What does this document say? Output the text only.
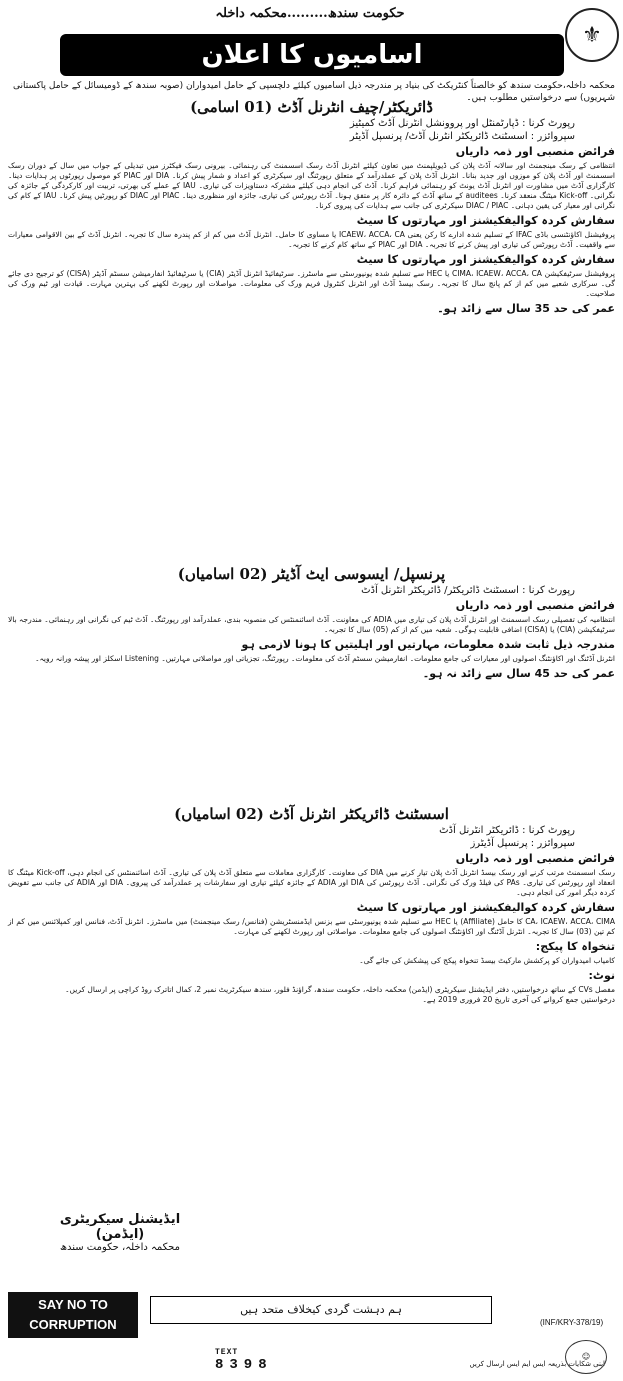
⚜
حکومت سندھ.........محکمہ داخلہ
اسامیوں کا اعلان
محکمہ داخلہ،حکومت سندھ کو خالصتاً کنٹریکٹ کی بنیاد پر مندرجہ ذیل اسامیوں کیلئے دلچسپی کے حامل امیدواران (صوبہ سندھ کے ڈومیسائل کے حامل پاکستانی شہریوں) سے درخواستیں مطلوب ہیں۔
ڈائریکٹر/چیف انٹرنل آڈٹ (01 اسامی)
رپورٹ کرنا : ڈپارٹمنٹل اور پروونشل انٹرنل آڈٹ کمیٹیز
سپروائزر : اسسٹنٹ ڈائریکٹر انٹرنل آڈٹ/ پرنسپل آڈیٹر
فرائض منصبی اور ذمہ داریاں
انتظامی کے رسک مینجمنٹ اور سالانہ آڈٹ پلان کی ڈیویلپمنٹ میں تعاون کیلئے انٹرنل آڈٹ رسک اسسمنٹ کی رہنمائی۔ بیرونی رسک فیکٹرز میں تبدیلی کے جواب میں سال کے دوران رسک اسسمنٹ اور آڈٹ پلان کو موزوں اور جدید بنانا۔ انٹرنل آڈٹ پلان کے عملدرآمد کے متعلق رپورٹنگ اور سیکرٹری کو اعداد و شمار پیش کرنا۔ DIA اور PIAC کو موصول رپورٹوں پر ہدایات دینا۔ کارگزاری آڈٹ میں مشاورت اور انٹرنل آڈٹ یونٹ کو رہنمائی فراہم کرنا۔ آڈٹ کی انجام دہی کیلئے مشترکہ دستاویزات کی تیاری۔ IAU کے عملے کی بھرتی، تربیت اور کارکردگی کے جائزہ کی نگرانی۔ Kick-off میٹنگ منعقد کرنا۔ auditees کے ساتھ آڈٹ کے دائرہ کار پر متفق ہونا۔ آڈٹ رپورٹس کی تیاری، جائزہ اور منظوری دینا۔ PIAC اور DIAC کو رپورٹیں پیش کرنا۔ IAU کے کام کی نگرانی اور معیار کی یقین دہانی۔ DIAC / PIAC سیکرٹری کی جانب سے ہدایات کی پیروی کرنا۔
سفارش کردہ کوالیفکیشنز اور مہارتوں کا سیٹ
پروفیشنل اکاؤنٹنسی باڈی IFAC کے تسلیم شدہ ادارے کا رکن یعنی ICAEW، ACCA، CA یا مساوی کا حامل۔ انٹرنل آڈٹ میں کم از کم پندرہ سال کا تجربہ۔ انٹرنل آڈٹ کے بین الاقوامی معیارات سے واقفیت۔ آڈٹ رپورٹس کی تیاری اور پیش کرنے کا تجربہ۔ DIA اور PIAC کے ساتھ کام کرنے کا تجربہ۔
سفارش کردہ کوالیفکیشنز اور مہارتوں کا سیٹ
پروفیشنل سرٹیفکیشن CIMA، ICAEW، ACCA، CA یا HEC سے تسلیم شدہ یونیورسٹی سے ماسٹرز۔ سرٹیفائیڈ انٹرنل آڈیٹر (CIA) یا سرٹیفائیڈ انفارمیشن سسٹم آڈیٹر (CISA) کو ترجیح دی جائے گی۔ سرکاری شعبے میں کم از کم پانچ سال کا تجربہ۔ رسک بیسڈ آڈٹ اور انٹرنل کنٹرول فریم ورک کی معلومات۔ مواصلات اور رپورٹ لکھنے کی بہترین مہارت۔ قیادت اور ٹیم ورک کی صلاحیت۔
عمر کی حد 35 سال سے زائد ہو۔
پرنسپل/ ایسوسی ایٹ آڈیٹر (02 اسامیاں)
رپورٹ کرنا : اسسٹنٹ ڈائریکٹر/ ڈائریکٹر انٹرنل آڈٹ
فرائض منصبی اور ذمہ داریاں
انتظامیہ کی تفصیلی رسک اسسمنٹ اور انٹرنل آڈٹ پلان کی تیاری میں ADIA کی معاونت۔ آڈٹ اسائنمنٹس کی منصوبہ بندی، عملدرآمد اور رپورٹنگ۔ آڈٹ ٹیم کی نگرانی اور رہنمائی۔ مندرجہ بالا سرٹیفکیشن (CIA) یا (CISA) اضافی قابلیت ہوگی۔ شعبہ میں کم از کم (05) سال کا تجربہ۔
مندرجہ ذیل ثابت شدہ معلومات، مہارتیں اور اہلیتیں کا ہونا لازمی ہو
انٹرنل آڈٹنگ اور اکاؤنٹنگ اصولوں اور معیارات کی جامع معلومات۔ انفارمیشن سسٹم آڈٹ کی معلومات۔ رپورٹنگ، تجزیاتی اور مواصلاتی مہارتیں۔ Listening اسکلز اور پیشہ ورانہ رویہ۔
عمر کی حد 45 سال سے زائد نہ ہو۔
اسسٹنٹ ڈائریکٹر انٹرنل آڈٹ (02 اسامیاں)
رپورٹ کرنا : ڈائریکٹر انٹرنل آڈٹ
سپروائزر : پرنسپل آڈیٹرز
فرائض منصبی اور ذمہ داریاں
رسک اسسمنٹ مرتب کرنے اور رسک بیسڈ انٹرنل آڈٹ پلان تیار کرنے میں DIA کی معاونت۔ کارگزاری معاملات سے متعلق آڈٹ پلان کی تیاری۔ آڈٹ اسائنمنٹس کی انجام دہی، Kick-off میٹنگ کا انعقاد اور رپورٹس کی تیاری۔ PAs کی فیلڈ ورک کی نگرانی۔ آڈٹ رپورٹس کی DIA اور ADIA کے جائزہ کیلئے تیاری اور سفارشات پر عملدرآمد کی پیروی۔ DIA اور ADIA کی جانب سے تفویض کردہ دیگر امور کی انجام دہی۔
سفارش کردہ کوالیفکیشنز اور مہارتوں کا سیٹ
CA، ICAEW، ACCA، CIMA کا حامل (Affiliate) یا HEC سے تسلیم شدہ یونیورسٹی سے بزنس ایڈمنسٹریشن (فنانس/ رسک مینجمنٹ) میں ماسٹرز۔ انٹرنل آڈٹ، فنانس اور کمپلائنس میں کم از کم تین (03) سال کا تجربہ۔ انٹرنل آڈٹنگ اور اکاؤنٹنگ اصولوں کی جامع معلومات۔ مواصلاتی اور رپورٹ لکھنے کی مہارت۔
تنخواہ کا پیکج:
کامیاب امیدواران کو پرکشش مارکیٹ بیسڈ تنخواہ پیکج کی پیشکش کی جائے گی۔
نوٹ:
مفصل CVs کے ساتھ درخواستیں، دفتر ایڈیشنل سیکریٹری (ایڈمن) محکمہ داخلہ، حکومت سندھ، گراؤنڈ فلور، سندھ سیکرٹریٹ نمبر 2، کمال اتاترک روڈ کراچی پر ارسال کریں۔
درخواستیں جمع کروانے کی آخری تاریخ 20 فروری 2019 ہے۔
ایڈیشنل سیکریٹری (ایڈمن)
محکمہ داخلہ، حکومت سندھ
SAY NO TO CORRUPTION
ہم دہشت گردی کیخلاف متحد ہیں
(INF/KRY-378/19)
TEXT
8398	اپنی شکایات بذریعہ ایس ایم ایس ارسال کریں
☺
